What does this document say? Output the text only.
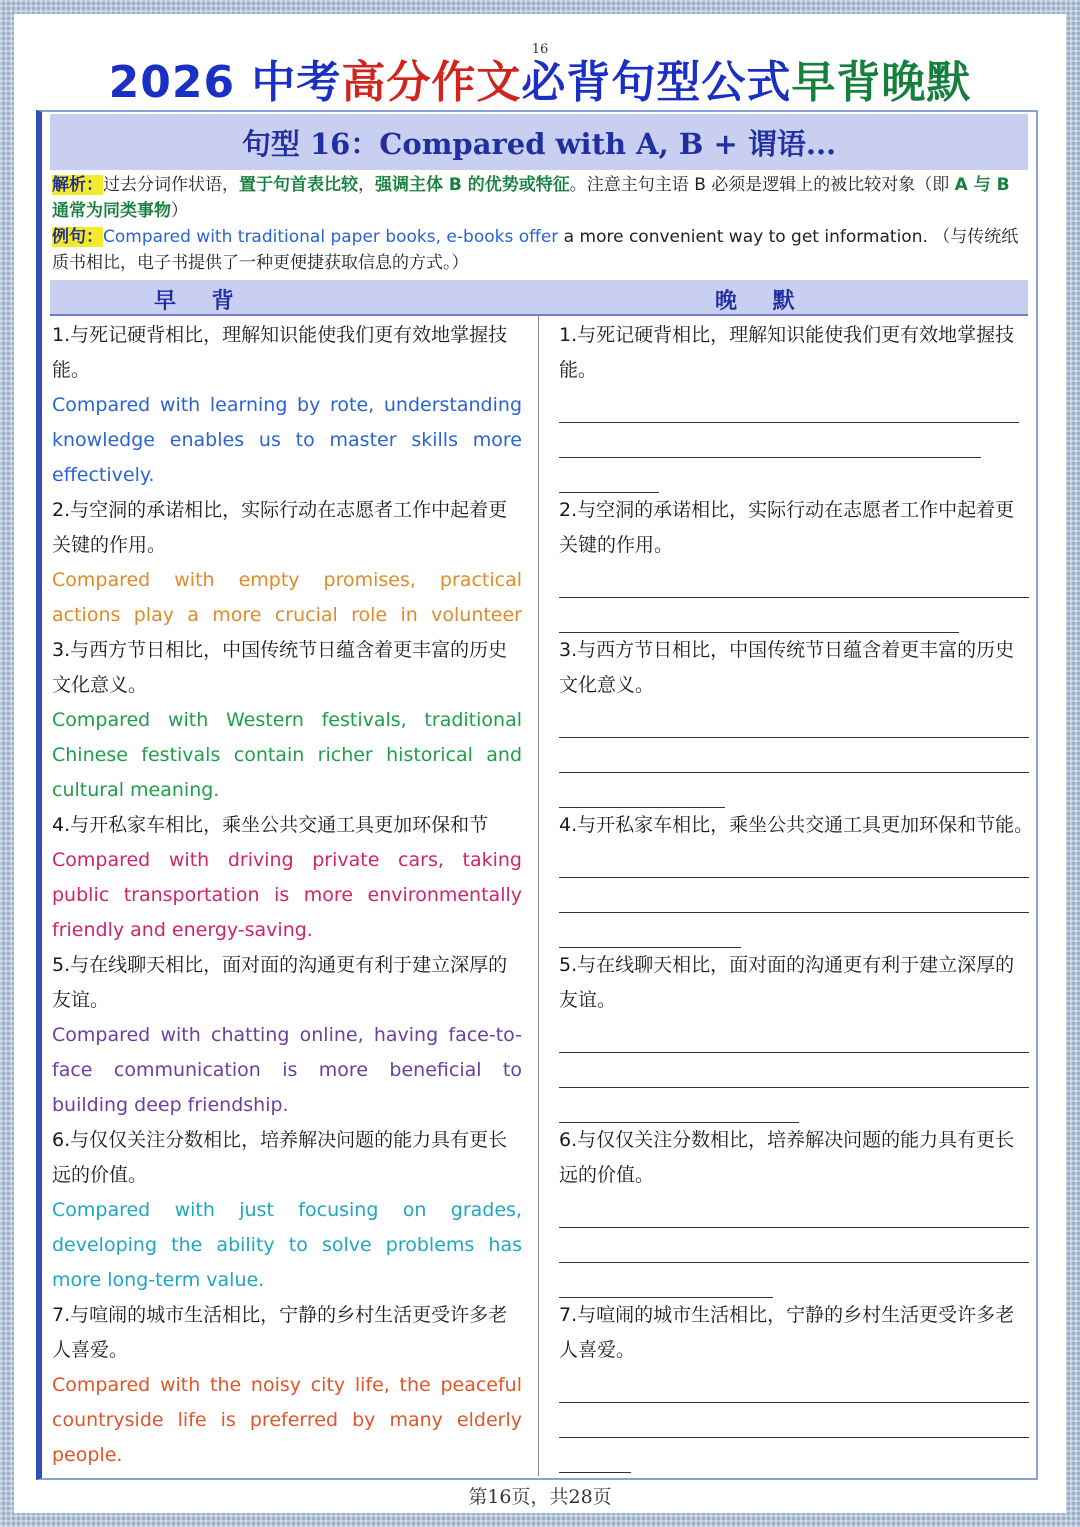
16
2026 中考高分作文必背句型公式早背晚默
句型 16：Compared with A, B + 谓语...
解析：过去分词作状语，置于句首表比较，强调主体 B 的优势或特征。注意主句主语 B 必须是逻辑上的被比较对象（即 A 与 B 通常为同类事物）
例句：Compared with traditional paper books, e-books offer a more convenient way to get information. （与传统纸质书相比，电子书提供了一种更便捷获取信息的方式。）
早 背	晚 默
1.与死记硬背相比，理解知识能使我们更有效地掌握技能。
Compared with learning by rote, understanding knowledge enables us to master skills more effectively.
2.与空洞的承诺相比，实际行动在志愿者工作中起着更关键的作用。
Compared with empty promises, practical actions play a more crucial role in volunteer
3.与西方节日相比，中国传统节日蕴含着更丰富的历史文化意义。
Compared with Western festivals, traditional Chinese festivals contain richer historical and cultural meaning.
4.与开私家车相比，乘坐公共交通工具更加环保和节
Compared with driving private cars, taking public transportation is more environmentally friendly and energy-saving.
5.与在线聊天相比，面对面的沟通更有利于建立深厚的友谊。
Compared with chatting online, having face-to-face communication is more beneficial to building deep friendship.
6.与仅仅关注分数相比，培养解决问题的能力具有更长远的价值。
Compared with just focusing on grades, developing the ability to solve problems has more long-term value.
7.与喧闹的城市生活相比，宁静的乡村生活更受许多老人喜爱。
Compared with the noisy city life, the peaceful countryside life is preferred by many elderly people.
1.与死记硬背相比，理解知识能使我们更有效地掌握技能。
2.与空洞的承诺相比，实际行动在志愿者工作中起着更关键的作用。
3.与西方节日相比，中国传统节日蕴含着更丰富的历史文化意义。
4.与开私家车相比，乘坐公共交通工具更加环保和节能。
5.与在线聊天相比，面对面的沟通更有利于建立深厚的友谊。
6.与仅仅关注分数相比，培养解决问题的能力具有更长远的价值。
7.与喧闹的城市生活相比，宁静的乡村生活更受许多老人喜爱。
第16页，共28页
